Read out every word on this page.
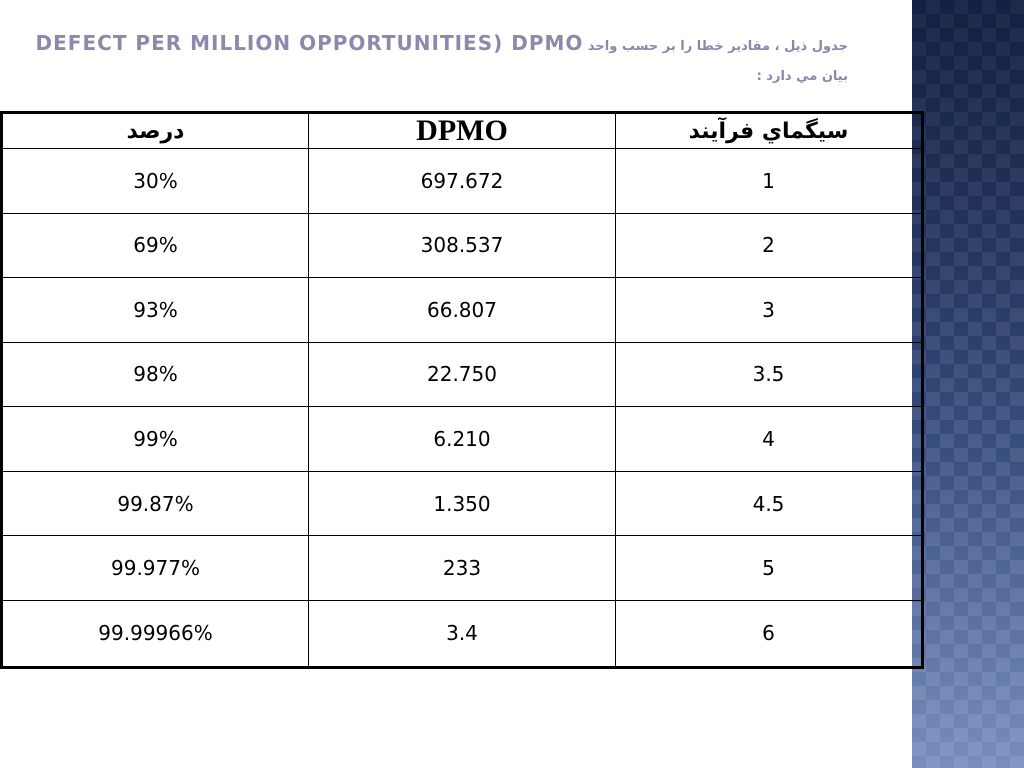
جدول ذيل ، مقادير خطا را بر حسب واحد DEFECT PER MILLION OPPORTUNITIES) DPMO
بيان مي دارد :
سيگماي فرآيند	DPMO	درصد
1	697.672	30%
2	308.537	69%
3	66.807	93%
3.5	22.750	98%
4	6.210	99%
4.5	1.350	99.87%
5	233	99.977%
6	3.4	99.99966%
